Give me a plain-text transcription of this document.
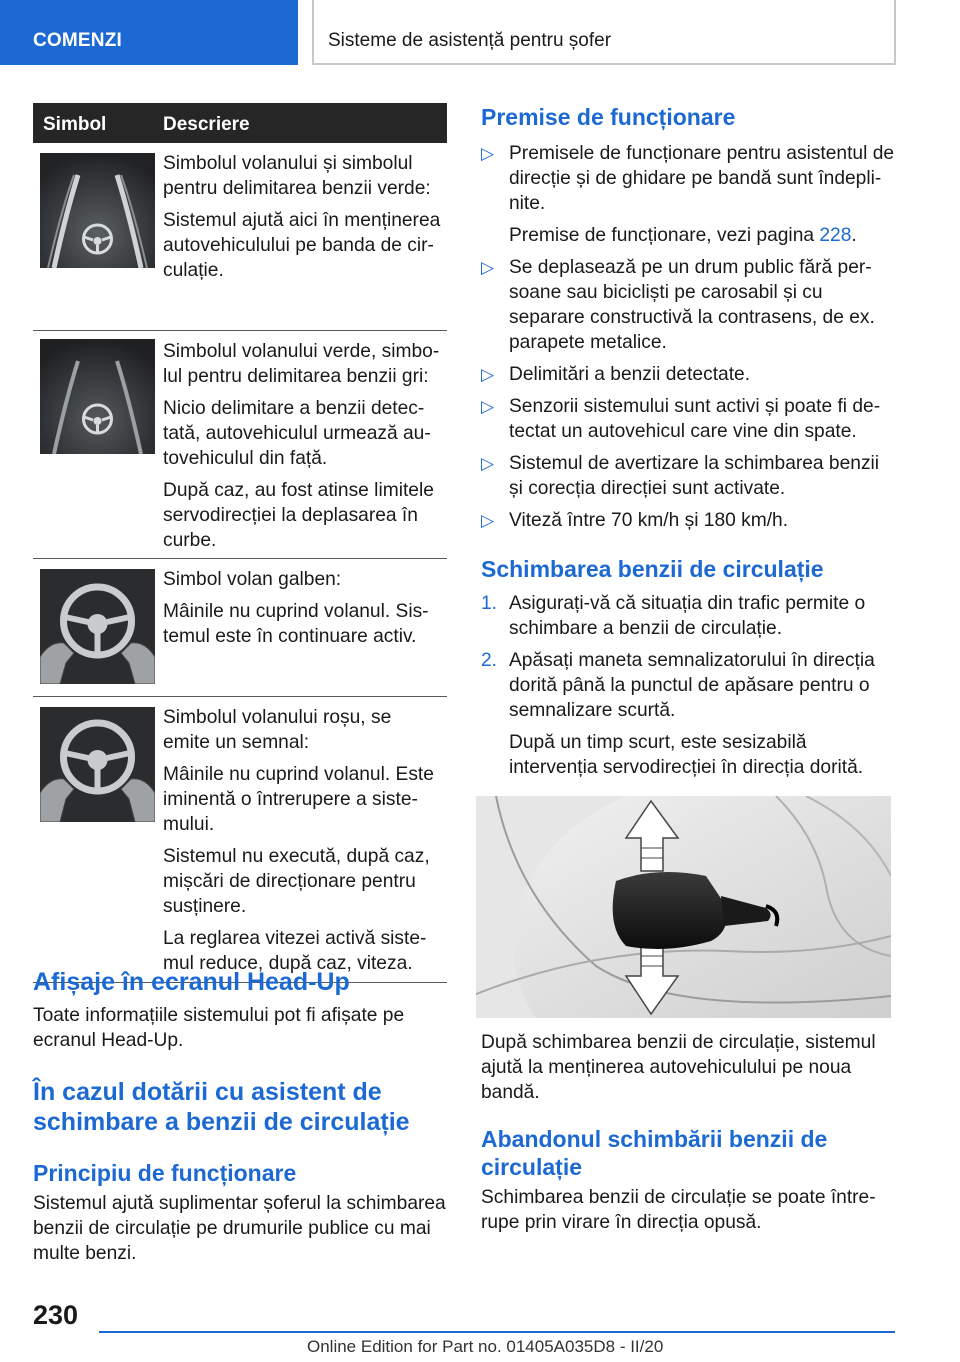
COMENZI	Sisteme de asistență pentru șofer
Simbol	Descriere

Simbolul volanului și simbolul pentru delimitarea benzii verde:

Sistemul ajută aici în menținerea autovehiculului pe banda de cir-culație.

Simbolul volanului verde, simbo-lul pentru delimitarea benzii gri:

Nicio delimitare a benzii detec-tată, autovehiculul urmează au-tovehiculul din față.

După caz, au fost atinse limitele servodirecției la deplasarea în curbe.

Simbol volan galben:

Mâinile nu cuprind volanul. Sis-temul este în continuare activ.

Simbolul volanului roșu, se emite un semnal:

Mâinile nu cuprind volanul. Este iminentă o întrerupere a siste-mului.

Sistemul nu execută, după caz, mișcări de direcționare pentru susținere.

La reglarea vitezei activă siste-mul reduce, după caz, viteza.

Afișaje în ecranul Head-Up

Toate informațiile sistemului pot fi afișate pe ecranul Head-Up.

În cazul dotării cu asistent de schimbare a benzii de circulație
Principiu de funcționare

Sistemul ajută suplimentar șoferul la schimbarea benzii de circulație pe drumurile publice cu mai multe benzi.

Premise de funcționare
▷ Premisele de funcționare pentru asistentul de direcție și de ghidare pe bandă sunt îndepli-nite.

Premise de funcționare, vezi pagina 228.

▷ Se deplasează pe un drum public fără per-soane sau bicicliști pe carosabil și cu separare constructivă la contrasens, de ex. parapete metalice.
▷ Delimitări a benzii detectate.
▷ Senzorii sistemului sunt activi și poate fi de-tectat un autovehicul care vine din spate.
▷ Sistemul de avertizare la schimbarea benzii și corecția direcției sunt activate.
▷ Viteză între 70 km/h și 180 km/h.
Schimbarea benzii de circulație
1. Asigurați-vă că situația din trafic permite o schimbare a benzii de circulație.
2. Apăsați maneta semnalizatorului în direcția dorită până la punctul de apăsare pentru o semnalizare scurtă.

După un timp scurt, este sesizabilă intervenția servodirecției în direcția dorită.

După schimbarea benzii de circulație, sistemul ajută la menținerea autovehiculului pe noua bandă.

Abandonul schimbării benzii de circulație

Schimbarea benzii de circulație se poate între-rupe prin virare în direcția opusă.

230
Online Edition for Part no. 01405A035D8 - II/20
